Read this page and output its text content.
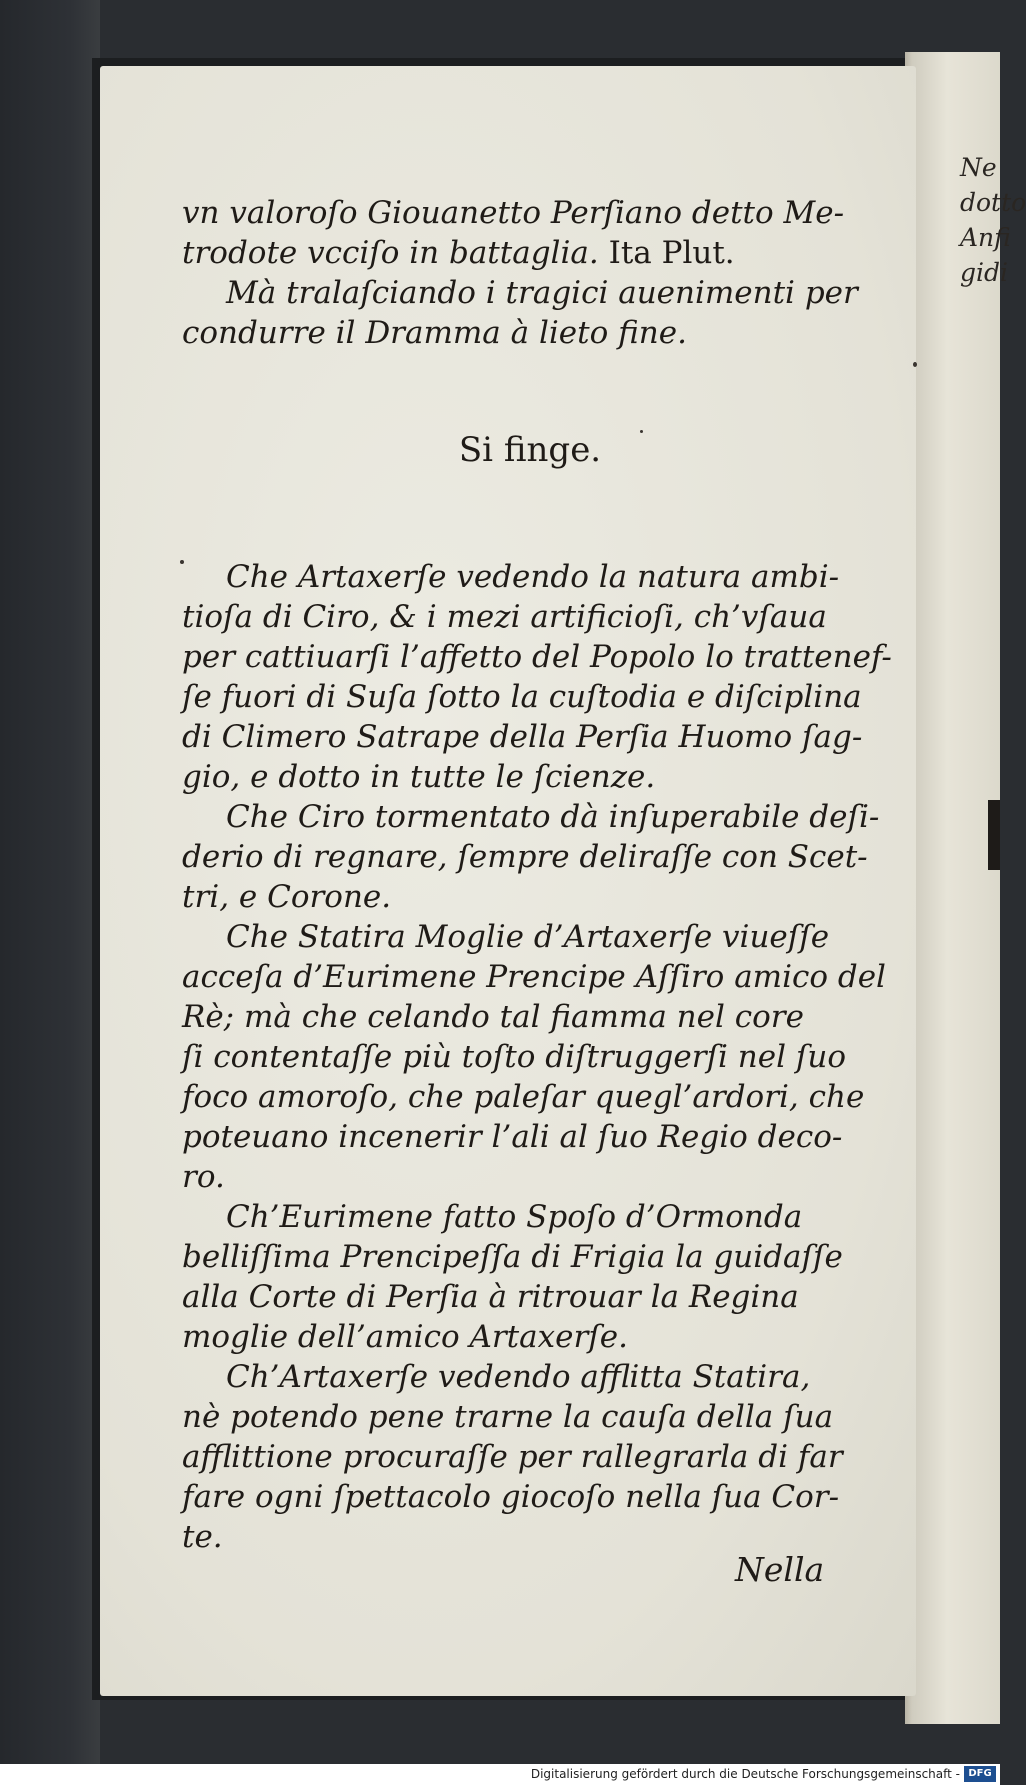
Ne
dotto
Anfi
gidi
vn valoroſo Giouanetto Perſiano detto Me-
trodote vcciſo in battaglia. Ita Plut.
Mà tralaſciando i tragici auenimenti per
condurre il Dramma à lieto fine.
Si finge.
Che Artaxerſe vedendo la natura ambi-
tioſa di Ciro, & i mezi artificioſi, ch’vſaua
per cattiuarſi l’affetto del Popolo lo trattenef-
ſe fuori di Suſa ſotto la cuſtodia e diſciplina
di Climero Satrape della Perſia Huomo ſag-
gio, e dotto in tutte le ſcienze.
Che Ciro tormentato dà inſuperabile deſi-
derio di regnare, ſempre deliraſſe con Scet-
tri, e Corone.
Che Statira Moglie d’Artaxerſe viueſſe
acceſa d’Eurimene Prencipe Aſſiro amico del
Rè; mà che celando tal fiamma nel core
ſi contentaſſe più toſto diſtruggerſi nel ſuo
foco amoroſo, che paleſar quegl’ardori, che
poteuano incenerir l’ali al ſuo Regio deco-
ro.
Ch’Eurimene fatto Spoſo d’Ormonda
belliſſima Prencipeſſa di Frigia la guidaſſe
alla Corte di Perſia à ritrouar la Regina
moglie dell’amico Artaxerſe.
Ch’Artaxerſe vedendo afflitta Statira,
nè potendo pene trarne la cauſa della ſua
afflittione procuraſſe per rallegrarla di far
fare ogni ſpettacolo giocoſo nella ſua Cor-
te.
Nella
Digitalisierung gefördert durch die Deutsche Forschungsgemeinschaft - DFG
